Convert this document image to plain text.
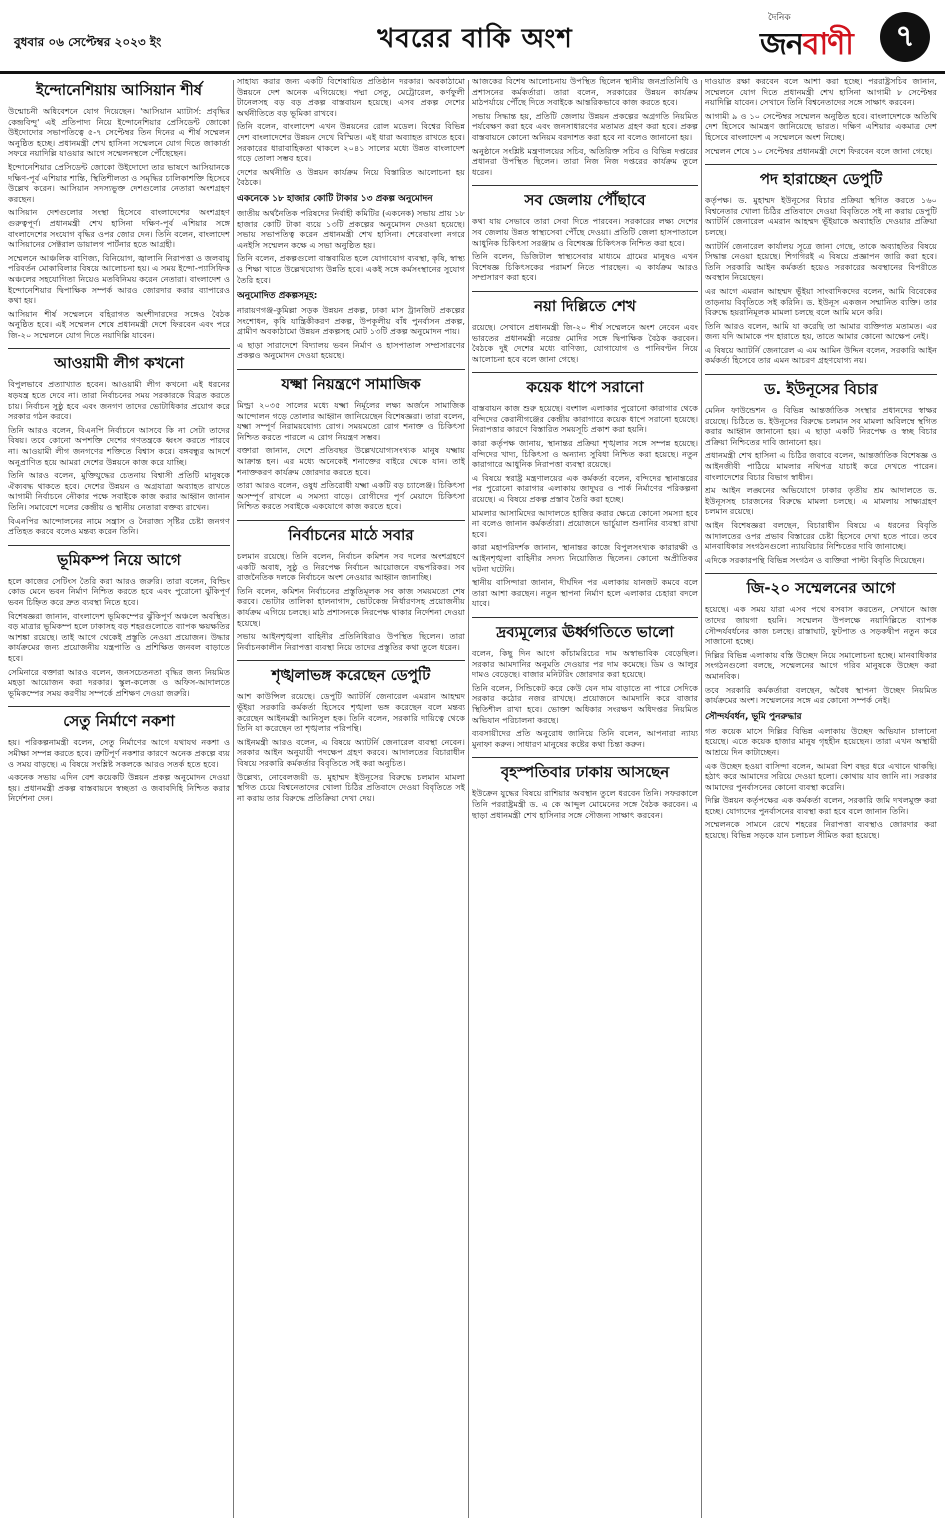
বুধবার ০৬ সেপ্টেম্বর ২০২৩ ইং	খবরের বাকি অংশ
দৈনিক
জনবাণী	৭
ইন্দোনেশিয়ায় আসিয়ান শীর্ষ

উন্মোচনী অধিবেশনে যোগ দিয়েছেন। 'আসিয়ান ম্যাটার্স: প্রবৃদ্ধির কেন্দ্রবিন্দু' এই প্রতিপাদ্য নিয়ে ইন্দোনেশিয়ার প্রেসিডেন্ট জোকো উইদোদোর সভাপতিত্বে ৫-৭ সেপ্টেম্বর তিন দিনের এ শীর্ষ সম্মেলন অনুষ্ঠিত হচ্ছে। প্রধানমন্ত্রী শেখ হাসিনা সম্মেলনে যোগ দিতে জাকার্তা সফরে নয়াদিল্লি যাওয়ার আগে সম্মেলনস্থলে পৌঁছেছেন।

ইন্দোনেশিয়ার প্রেসিডেন্ট জোকো উইদোদো তার ভাষণে আসিয়ানকে দক্ষিণ-পূর্ব এশিয়ার শান্তি, স্থিতিশীলতা ও সমৃদ্ধির চালিকাশক্তি হিসেবে উল্লেখ করেন। আসিয়ান সদস্যভুক্ত দেশগুলোর নেতারা অংশগ্রহণ করছেন।

আসিয়ান দেশগুলোর সংস্থা হিসেবে বাংলাদেশের অংশগ্রহণ গুরুত্বপূর্ণ। প্রধানমন্ত্রী শেখ হাসিনা দক্ষিণ-পূর্ব এশিয়ার সঙ্গে বাংলাদেশের সংযোগ বৃদ্ধির ওপর জোর দেন। তিনি বলেন, বাংলাদেশ আসিয়ানের সেক্টরাল ডায়ালগ পার্টনার হতে আগ্রহী।

সম্মেলনে আঞ্চলিক বাণিজ্য, বিনিয়োগ, জ্বালানি নিরাপত্তা ও জলবায়ু পরিবর্তন মোকাবিলার বিষয়ে আলোচনা হয়। এ সময় ইন্দো-প্যাসিফিক অঞ্চলের সহযোগিতা নিয়েও মতবিনিময় করেন নেতারা। বাংলাদেশ ও ইন্দোনেশিয়ার দ্বিপাক্ষিক সম্পর্ক আরও জোরদার করার ব্যাপারেও কথা হয়।

আসিয়ান শীর্ষ সম্মেলনে বহিরাগত অংশীদারদের সঙ্গেও বৈঠক অনুষ্ঠিত হবে। এই সম্মেলন শেষে প্রধানমন্ত্রী দেশে ফিরবেন এবং পরে জি-২০ সম্মেলনে যোগ দিতে নয়াদিল্লি যাবেন।

আওয়ামী লীগ কখনো

বিপুলভাবে প্রত্যাখ্যাত হবেন। আওয়ামী লীগ কখনো এই ধরনের ষড়যন্ত্র হতে দেবে না। তারা নির্বাচনের সময় সরকারকে বিব্রত করতে চায়। নির্বাচন সুষ্ঠু হবে এবং জনগণ তাদের ভোটাধিকার প্রয়োগ করে সরকার গঠন করবে।

তিনি আরও বলেন, বিএনপি নির্বাচনে আসবে কি না সেটা তাদের বিষয়। তবে কোনো অপশক্তি দেশের গণতন্ত্রকে ধ্বংস করতে পারবে না। আওয়ামী লীগ জনগণের শক্তিতে বিশ্বাস করে। বঙ্গবন্ধুর আদর্শে অনুপ্রাণিত হয়ে আমরা দেশের উন্নয়নে কাজ করে যাচ্ছি।

তিনি আরও বলেন, মুক্তিযুদ্ধের চেতনায় বিশ্বাসী প্রতিটি মানুষকে ঐক্যবদ্ধ থাকতে হবে। দেশের উন্নয়ন ও অগ্রযাত্রা অব্যাহত রাখতে আগামী নির্বাচনে নৌকার পক্ষে সবাইকে কাজ করার আহ্বান জানান তিনি। সমাবেশে দলের কেন্দ্রীয় ও স্থানীয় নেতারা বক্তব্য রাখেন।

বিএনপির আন্দোলনের নামে সন্ত্রাস ও নৈরাজ্য সৃষ্টির চেষ্টা জনগণ প্রতিহত করবে বলেও মন্তব্য করেন তিনি।

ভূমিকম্প নিয়ে আগে

হলে কাজের সেটিংস তৈরি করা আরও জরুরি। তারা বলেন, বিল্ডিং কোড মেনে ভবন নির্মাণ নিশ্চিত করতে হবে এবং পুরোনো ঝুঁকিপূর্ণ ভবন চিহ্নিত করে দ্রুত ব্যবস্থা নিতে হবে।

বিশেষজ্ঞরা জানান, বাংলাদেশ ভূমিকম্পের ঝুঁকিপূর্ণ অঞ্চলে অবস্থিত। বড় মাত্রার ভূমিকম্প হলে ঢাকাসহ বড় শহরগুলোতে ব্যাপক ক্ষয়ক্ষতির আশঙ্কা রয়েছে। তাই আগে থেকেই প্রস্তুতি নেওয়া প্রয়োজন। উদ্ধার কার্যক্রমের জন্য প্রয়োজনীয় যন্ত্রপাতি ও প্রশিক্ষিত জনবল বাড়াতে হবে।

সেমিনারে বক্তারা আরও বলেন, জনসচেতনতা বৃদ্ধির জন্য নিয়মিত মহড়া আয়োজন করা দরকার। স্কুল-কলেজ ও অফিস-আদালতে ভূমিকম্পের সময় করণীয় সম্পর্কে প্রশিক্ষণ দেওয়া জরুরি।

সেতু নির্মাণে নকশা

হয়। পরিকল্পনামন্ত্রী বলেন, সেতু নির্মাণের আগে যথাযথ নকশা ও সমীক্ষা সম্পন্ন করতে হবে। ত্রুটিপূর্ণ নকশার কারণে অনেক প্রকল্পে ব্যয় ও সময় বাড়ছে। এ বিষয়ে সংশ্লিষ্ট সকলকে আরও সতর্ক হতে হবে।

একনেক সভায় এদিন বেশ কয়েকটি উন্নয়ন প্রকল্প অনুমোদন দেওয়া হয়। প্রধানমন্ত্রী প্রকল্প বাস্তবায়নে স্বচ্ছতা ও জবাবদিহি নিশ্চিত করার নির্দেশনা দেন।

সাহায্য করার জন্য একটি বিশেষায়িত প্রতিষ্ঠান দরকার। অবকাঠামো উন্নয়নে দেশ অনেক এগিয়েছে। পদ্মা সেতু, মেট্রোরেল, কর্ণফুলী টানেলসহ বড় বড় প্রকল্প বাস্তবায়ন হয়েছে। এসব প্রকল্প দেশের অর্থনীতিতে বড় ভূমিকা রাখবে।

তিনি বলেন, বাংলাদেশ এখন উন্নয়নের রোল মডেল। বিশ্বের বিভিন্ন দেশ বাংলাদেশের উন্নয়ন দেখে বিস্মিত। এই ধারা অব্যাহত রাখতে হবে। সরকারের ধারাবাহিকতা থাকলে ২০৪১ সালের মধ্যে উন্নত বাংলাদেশ গড়ে তোলা সম্ভব হবে।

দেশের অর্থনীতি ও উন্নয়ন কার্যক্রম নিয়ে বিস্তারিত আলোচনা হয় বৈঠকে।

একনেকে ১৮ হাজার কোটি টাকার ১৩ প্রকল্প অনুমোদন

জাতীয় অর্থনৈতিক পরিষদের নির্বাহী কমিটির (একনেক) সভায় প্রায় ১৮ হাজার কোটি টাকা ব্যয়ে ১৩টি প্রকল্পের অনুমোদন দেওয়া হয়েছে। সভায় সভাপতিত্ব করেন প্রধানমন্ত্রী শেখ হাসিনা। শেরেবাংলা নগরে এনইসি সম্মেলন কক্ষে এ সভা অনুষ্ঠিত হয়।

তিনি বলেন, প্রকল্পগুলো বাস্তবায়িত হলে যোগাযোগ ব্যবস্থা, কৃষি, স্বাস্থ্য ও শিক্ষা খাতে উল্লেখযোগ্য উন্নতি হবে। একই সঙ্গে কর্মসংস্থানের সুযোগ তৈরি হবে।

অনুমোদিত প্রকল্পসমূহ:

নারায়ণগঞ্জ-কুমিল্লা সড়ক উন্নয়ন প্রকল্প, ঢাকা মাস ট্রানজিট প্রকল্পের সংশোধন, কৃষি যান্ত্রিকীকরণ প্রকল্প, উপকূলীয় বাঁধ পুনর্বাসন প্রকল্প, গ্রামীণ অবকাঠামো উন্নয়ন প্রকল্পসহ মোট ১৩টি প্রকল্প অনুমোদন পায়।

এ ছাড়া সারাদেশে বিদ্যালয় ভবন নির্মাণ ও হাসপাতাল সম্প্রসারণের প্রকল্পও অনুমোদন দেওয়া হয়েছে।

যক্ষ্মা নিয়ন্ত্রণে সামাজিক

মিল্ড্রা ২০৩৫ সালের মধ্যে যক্ষ্মা নির্মূলের লক্ষ্য অর্জনে সামাজিক আন্দোলন গড়ে তোলার আহ্বান জানিয়েছেন বিশেষজ্ঞরা। তারা বলেন, যক্ষ্মা সম্পূর্ণ নিরাময়যোগ্য রোগ। সময়মতো রোগ শনাক্ত ও চিকিৎসা নিশ্চিত করতে পারলে এ রোগ নিয়ন্ত্রণ সম্ভব।

বক্তারা জানান, দেশে প্রতিবছর উল্লেখযোগ্যসংখ্যক মানুষ যক্ষ্মায় আক্রান্ত হন। এর মধ্যে অনেকেই শনাক্তের বাইরে থেকে যান। তাই শনাক্তকরণ কার্যক্রম জোরদার করতে হবে।

তারা আরও বলেন, ওষুধ প্রতিরোধী যক্ষ্মা একটি বড় চ্যালেঞ্জ। চিকিৎসা অসম্পূর্ণ রাখলে এ সমস্যা বাড়ে। রোগীদের পূর্ণ মেয়াদে চিকিৎসা নিশ্চিত করতে সবাইকে একযোগে কাজ করতে হবে।

নির্বাচনের মাঠে সবার

চলমান রয়েছে। তিনি বলেন, নির্বাচন কমিশন সব দলের অংশগ্রহণে একটি অবাধ, সুষ্ঠু ও নিরপেক্ষ নির্বাচন আয়োজনে বদ্ধপরিকর। সব রাজনৈতিক দলকে নির্বাচনে অংশ নেওয়ার আহ্বান জানাচ্ছি।

তিনি বলেন, কমিশন নির্বাচনের প্রস্তুতিমূলক সব কাজ সময়মতো শেষ করবে। ভোটার তালিকা হালনাগাদ, ভোটকেন্দ্র নির্ধারণসহ প্রয়োজনীয় কার্যক্রম এগিয়ে চলছে। মাঠ প্রশাসনকে নিরপেক্ষ থাকার নির্দেশনা দেওয়া হয়েছে।

সভায় আইনশৃঙ্খলা বাহিনীর প্রতিনিধিরাও উপস্থিত ছিলেন। তারা নির্বাচনকালীন নিরাপত্তা ব্যবস্থা নিয়ে তাদের প্রস্তুতির কথা তুলে ধরেন।

শৃঙ্খলাভঙ্গ করেছেন ডেপুটি

আশ কাউন্সিল রয়েছে। ডেপুটি অ্যাটর্নি জেনারেল এমরান আহম্মদ ভূঁইয়া সরকারি কর্মকর্তা হিসেবে শৃঙ্খলা ভঙ্গ করেছেন বলে মন্তব্য করেছেন আইনমন্ত্রী আনিসুল হক। তিনি বলেন, সরকারি দায়িত্বে থেকে তিনি যা করেছেন তা শৃঙ্খলার পরিপন্থি।

আইনমন্ত্রী আরও বলেন, এ বিষয়ে অ্যাটর্নি জেনারেল ব্যবস্থা নেবেন। সরকার আইন অনুযায়ী পদক্ষেপ গ্রহণ করবে। আদালতের বিচারাধীন বিষয়ে সরকারি কর্মকর্তার বিবৃতিতে সই করা অনুচিত।

উল্লেখ্য, নোবেলজয়ী ড. মুহাম্মদ ইউনূসের বিরুদ্ধে চলমান মামলা স্থগিত চেয়ে বিশ্বনেতাদের খোলা চিঠির প্রতিবাদে দেওয়া বিবৃতিতে সই না করায় তার বিরুদ্ধে প্রতিক্রিয়া দেখা দেয়।

আজকের বিশেষ আলোচনায় উপস্থিত ছিলেন স্থানীয় জনপ্রতিনিধি ও প্রশাসনের কর্মকর্তারা। তারা বলেন, সরকারের উন্নয়ন কার্যক্রম মাঠপর্যায়ে পৌঁছে দিতে সবাইকে আন্তরিকভাবে কাজ করতে হবে।

সভায় সিদ্ধান্ত হয়, প্রতিটি জেলায় উন্নয়ন প্রকল্পের অগ্রগতি নিয়মিত পর্যবেক্ষণ করা হবে এবং জনসাধারণের মতামত গ্রহণ করা হবে। প্রকল্প বাস্তবায়নে কোনো অনিয়ম বরদাশত করা হবে না বলেও জানানো হয়।

অনুষ্ঠানে সংশ্লিষ্ট মন্ত্রণালয়ের সচিব, অতিরিক্ত সচিব ও বিভিন্ন দপ্তরের প্রধানরা উপস্থিত ছিলেন। তারা নিজ নিজ দপ্তরের কার্যক্রম তুলে ধরেন।

সব জেলায় পৌঁছাবে

কথা যায় সেভাবে তারা সেবা দিতে পারবেন। সরকারের লক্ষ্য দেশের সব জেলায় উন্নত স্বাস্থ্যসেবা পৌঁছে দেওয়া। প্রতিটি জেলা হাসপাতালে আধুনিক চিকিৎসা সরঞ্জাম ও বিশেষজ্ঞ চিকিৎসক নিশ্চিত করা হবে।

তিনি বলেন, ডিজিটাল স্বাস্থ্যসেবার মাধ্যমে গ্রামের মানুষও এখন বিশেষজ্ঞ চিকিৎসকের পরামর্শ নিতে পারছেন। এ কার্যক্রম আরও সম্প্রসারণ করা হবে।

নয়া দিল্লিতে শেখ

রয়েছে। সেখানে প্রধানমন্ত্রী জি-২০ শীর্ষ সম্মেলনে অংশ নেবেন এবং ভারতের প্রধানমন্ত্রী নরেন্দ্র মোদির সঙ্গে দ্বিপাক্ষিক বৈঠক করবেন। বৈঠকে দুই দেশের মধ্যে বাণিজ্য, যোগাযোগ ও পানিবণ্টন নিয়ে আলোচনা হবে বলে জানা গেছে।

কয়েক ধাপে সরানো

বাস্তবায়ন কাজ শুরু হয়েছে। বংশাল এলাকার পুরোনো কারাগার থেকে বন্দিদের কেরানীগঞ্জের কেন্দ্রীয় কারাগারে কয়েক ধাপে সরানো হয়েছে। নিরাপত্তার কারণে বিস্তারিত সময়সূচি প্রকাশ করা হয়নি।

কারা কর্তৃপক্ষ জানায়, স্থানান্তর প্রক্রিয়া শৃঙ্খলার সঙ্গে সম্পন্ন হয়েছে। বন্দিদের খাদ্য, চিকিৎসা ও অন্যান্য সুবিধা নিশ্চিত করা হয়েছে। নতুন কারাগারে আধুনিক নিরাপত্তা ব্যবস্থা রয়েছে।

এ বিষয়ে স্বরাষ্ট্র মন্ত্রণালয়ের এক কর্মকর্তা বলেন, বন্দিদের স্থানান্তরের পর পুরোনো কারাগার এলাকায় জাদুঘর ও পার্ক নির্মাণের পরিকল্পনা রয়েছে। এ বিষয়ে প্রকল্প প্রস্তাব তৈরি করা হচ্ছে।

মামলার আসামিদের আদালতে হাজির করার ক্ষেত্রে কোনো সমস্যা হবে না বলেও জানান কর্মকর্তারা। প্রয়োজনে ভার্চুয়াল শুনানির ব্যবস্থা রাখা হবে।

কারা মহাপরিদর্শক জানান, স্থানান্তর কাজে বিপুলসংখ্যক কারারক্ষী ও আইনশৃঙ্খলা বাহিনীর সদস্য নিয়োজিত ছিলেন। কোনো অপ্রীতিকর ঘটনা ঘটেনি।

স্থানীয় বাসিন্দারা জানান, দীর্ঘদিন পর এলাকায় যানজট কমবে বলে তারা আশা করছেন। নতুন স্থাপনা নির্মাণ হলে এলাকার চেহারা বদলে যাবে।

দ্রব্যমূল্যের ঊর্ধ্বগতিতে ভালো

বলেন, কিছু দিন আগে কাঁচামরিচের দাম অস্বাভাবিক বেড়েছিল। সরকার আমদানির অনুমতি দেওয়ার পর দাম কমেছে। ডিম ও আলুর দামও বেড়েছে। বাজার মনিটরিং জোরদার করা হয়েছে।

তিনি বলেন, সিন্ডিকেট করে কেউ যেন দাম বাড়াতে না পারে সেদিকে সরকার কঠোর নজর রাখছে। প্রয়োজনে আমদানি করে বাজার স্থিতিশীল রাখা হবে। ভোক্তা অধিকার সংরক্ষণ অধিদপ্তর নিয়মিত অভিযান পরিচালনা করছে।

ব্যবসায়ীদের প্রতি অনুরোধ জানিয়ে তিনি বলেন, আপনারা ন্যায্য মুনাফা করুন। সাধারণ মানুষের কষ্টের কথা চিন্তা করুন।

বৃহস্পতিবার ঢাকায় আসছেন

ইউক্রেন যুদ্ধের বিষয়ে রাশিয়ার অবস্থান তুলে ধরবেন তিনি। সফরকালে তিনি পররাষ্ট্রমন্ত্রী ড. এ কে আব্দুল মোমেনের সঙ্গে বৈঠক করবেন। এ ছাড়া প্রধানমন্ত্রী শেখ হাসিনার সঙ্গে সৌজন্য সাক্ষাৎ করবেন।

দাওয়াত রক্ষা করবেন বলে আশা করা হচ্ছে। পররাষ্ট্রসচিব জানান, সম্মেলনে যোগ দিতে প্রধানমন্ত্রী শেখ হাসিনা আগামী ৮ সেপ্টেম্বর নয়াদিল্লি যাবেন। সেখানে তিনি বিশ্বনেতাদের সঙ্গে সাক্ষাৎ করবেন।

আগামী ৯ ও ১০ সেপ্টেম্বর সম্মেলন অনুষ্ঠিত হবে। বাংলাদেশকে অতিথি দেশ হিসেবে আমন্ত্রণ জানিয়েছে ভারত। দক্ষিণ এশিয়ার একমাত্র দেশ হিসেবে বাংলাদেশ এ সম্মেলনে অংশ নিচ্ছে।

সম্মেলন শেষে ১০ সেপ্টেম্বর প্রধানমন্ত্রী দেশে ফিরবেন বলে জানা গেছে।

পদ হারাচ্ছেন ডেপুটি

কর্তৃপক্ষ। ড. মুহাম্মদ ইউনূসের বিচার প্রক্রিয়া স্থগিত করতে ১৬০ বিশ্বনেতার খোলা চিঠির প্রতিবাদে দেওয়া বিবৃতিতে সই না করায় ডেপুটি অ্যাটর্নি জেনারেল এমরান আহম্মদ ভূঁইয়াকে অব্যাহতি দেওয়ার প্রক্রিয়া চলছে।

অ্যাটর্নি জেনারেল কার্যালয় সূত্রে জানা গেছে, তাকে অব্যাহতির বিষয়ে সিদ্ধান্ত নেওয়া হয়েছে। শিগগিরই এ বিষয়ে প্রজ্ঞাপন জারি করা হবে। তিনি সরকারি আইন কর্মকর্তা হয়েও সরকারের অবস্থানের বিপরীতে অবস্থান নিয়েছেন।

এর আগে এমরান আহম্মদ ভূঁইয়া সাংবাদিকদের বলেন, আমি বিবেকের তাড়নায় বিবৃতিতে সই করিনি। ড. ইউনূস একজন সম্মানিত ব্যক্তি। তার বিরুদ্ধে হয়রানিমূলক মামলা চলছে বলে আমি মনে করি।

তিনি আরও বলেন, আমি যা করেছি তা আমার ব্যক্তিগত মতামত। এর জন্য যদি আমাকে পদ হারাতে হয়, তাতে আমার কোনো আক্ষেপ নেই।

এ বিষয়ে অ্যাটর্নি জেনারেল এ এম আমিন উদ্দিন বলেন, সরকারি আইন কর্মকর্তা হিসেবে তার এমন আচরণ গ্রহণযোগ্য নয়।

ড. ইউনূসের বিচার

মেনিন ফাউন্ডেশন ও বিভিন্ন আন্তর্জাতিক সংস্থার প্রধানদের স্বাক্ষর রয়েছে। চিঠিতে ড. ইউনূসের বিরুদ্ধে চলমান সব মামলা অবিলম্বে স্থগিত করার আহ্বান জানানো হয়। এ ছাড়া একটি নিরপেক্ষ ও স্বচ্ছ বিচার প্রক্রিয়া নিশ্চিতের দাবি জানানো হয়।

প্রধানমন্ত্রী শেখ হাসিনা এ চিঠির জবাবে বলেন, আন্তর্জাতিক বিশেষজ্ঞ ও আইনজীবী পাঠিয়ে মামলার নথিপত্র যাচাই করে দেখতে পারেন। বাংলাদেশের বিচার বিভাগ স্বাধীন।

শ্রম আইন লঙ্ঘনের অভিযোগে ঢাকার তৃতীয় শ্রম আদালতে ড. ইউনূসসহ চারজনের বিরুদ্ধে মামলা চলছে। এ মামলায় সাক্ষ্যগ্রহণ চলমান রয়েছে।

আইন বিশেষজ্ঞরা বলছেন, বিচারাধীন বিষয়ে এ ধরনের বিবৃতি আদালতের ওপর প্রভাব বিস্তারের চেষ্টা হিসেবে দেখা হতে পারে। তবে মানবাধিকার সংগঠনগুলো ন্যায়বিচার নিশ্চিতের দাবি জানাচ্ছে।

এদিকে সরকারপন্থি বিভিন্ন সংগঠন ও ব্যক্তিরা পাল্টা বিবৃতি দিয়েছেন।

জি-২০ সম্মেলনের আগে

হয়েছে। এক সময় যারা এসব পথে বসবাস করতেন, সেখানে আজ তাদের জায়গা হয়নি। সম্মেলন উপলক্ষে নয়াদিল্লিতে ব্যাপক সৌন্দর্যবর্ধনের কাজ চলছে। রাস্তাঘাট, ফুটপাত ও সড়কদ্বীপ নতুন করে সাজানো হচ্ছে।

দিল্লির বিভিন্ন এলাকায় বস্তি উচ্ছেদ নিয়ে সমালোচনা হচ্ছে। মানবাধিকার সংগঠনগুলো বলছে, সম্মেলনের আগে গরিব মানুষকে উচ্ছেদ করা অমানবিক।

তবে সরকারি কর্মকর্তারা বলছেন, অবৈধ স্থাপনা উচ্ছেদ নিয়মিত কার্যক্রমের অংশ। সম্মেলনের সঙ্গে এর কোনো সম্পর্ক নেই।

সৌন্দর্যবর্ধন, ভূমি পুনরুদ্ধার

গত কয়েক মাসে দিল্লির বিভিন্ন এলাকায় উচ্ছেদ অভিযান চালানো হয়েছে। এতে কয়েক হাজার মানুষ গৃহহীন হয়েছেন। তারা এখন অস্থায়ী আশ্রয়ে দিন কাটাচ্ছেন।

এক উচ্ছেদ হওয়া বাসিন্দা বলেন, আমরা বিশ বছর ধরে এখানে থাকছি। হঠাৎ করে আমাদের সরিয়ে দেওয়া হলো। কোথায় যাব জানি না। সরকার আমাদের পুনর্বাসনের কোনো ব্যবস্থা করেনি।

দিল্লি উন্নয়ন কর্তৃপক্ষের এক কর্মকর্তা বলেন, সরকারি জমি দখলমুক্ত করা হচ্ছে। যোগ্যদের পুনর্বাসনের ব্যবস্থা করা হবে বলে জানান তিনি।

সম্মেলনকে সামনে রেখে শহরের নিরাপত্তা ব্যবস্থাও জোরদার করা হয়েছে। বিভিন্ন সড়কে যান চলাচল সীমিত করা হয়েছে।
